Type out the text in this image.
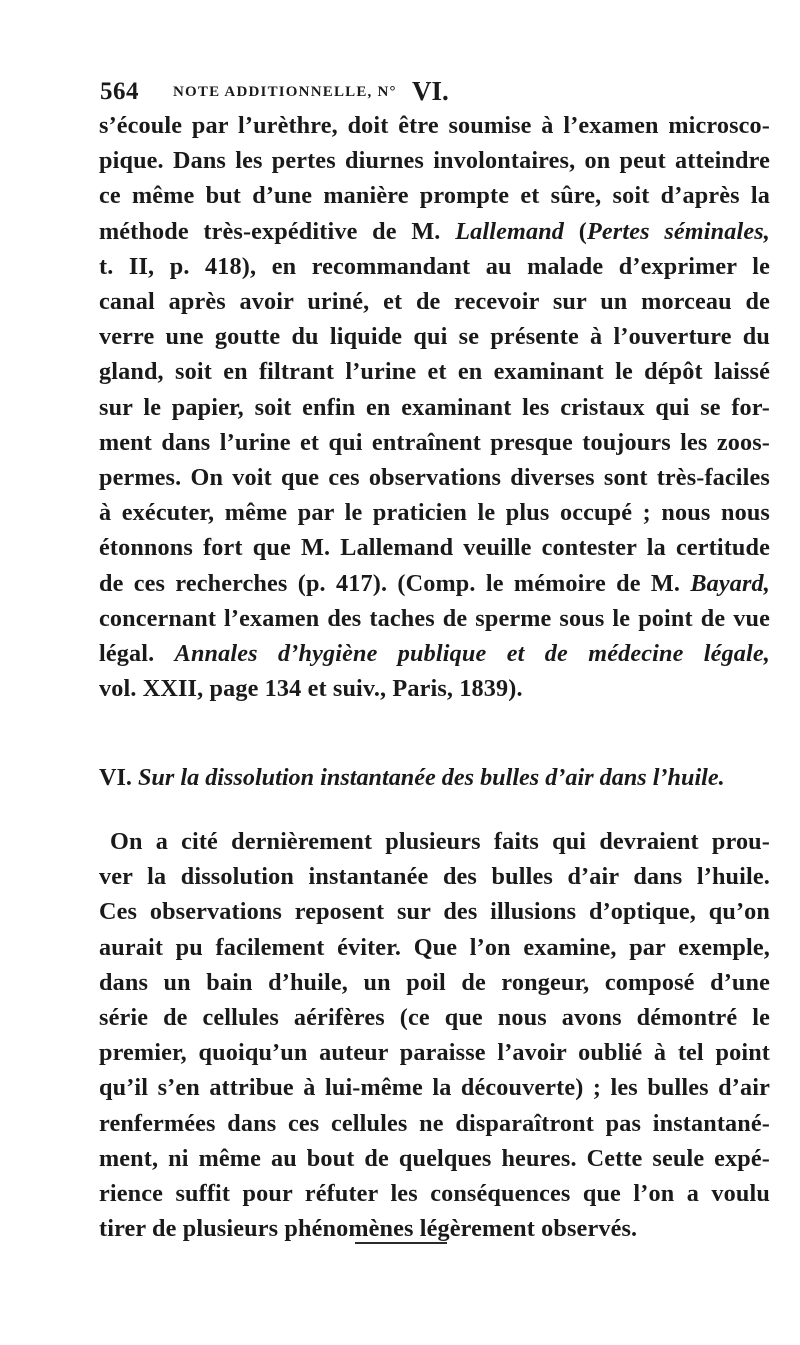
564 NOTE ADDITIONNELLE, N° VI.
s’écoule par l’urèthre, doit être soumise à l’examen microsco-
pique. Dans les pertes diurnes involontaires, on peut atteindre
ce même but d’une manière prompte et sûre, soit d’après la
méthode très-expéditive de M. Lallemand (Pertes séminales,
t. II, p. 418), en recommandant au malade d’exprimer le
canal après avoir uriné, et de recevoir sur un morceau de
verre une goutte du liquide qui se présente à l’ouverture du
gland, soit en filtrant l’urine et en examinant le dépôt laissé
sur le papier, soit enfin en examinant les cristaux qui se for-
ment dans l’urine et qui entraînent presque toujours les zoos-
permes. On voit que ces observations diverses sont très-faciles
à exécuter, même par le praticien le plus occupé ; nous nous
étonnons fort que M. Lallemand veuille contester la certitude
de ces recherches (p. 417). (Comp. le mémoire de M. Bayard,
concernant l’examen des taches de sperme sous le point de vue
légal. Annales d’hygiène publique et de médecine légale,
vol. XXII, page 134 et suiv., Paris, 1839).
VI. Sur la dissolution instantanée des bulles d’air dans l’huile.
On a cité dernièrement plusieurs faits qui devraient prou-
ver la dissolution instantanée des bulles d’air dans l’huile.
Ces observations reposent sur des illusions d’optique, qu’on
aurait pu facilement éviter. Que l’on examine, par exemple,
dans un bain d’huile, un poil de rongeur, composé d’une
série de cellules aérifères (ce que nous avons démontré le
premier, quoiqu’un auteur paraisse l’avoir oublié à tel point
qu’il s’en attribue à lui-même la découverte) ; les bulles d’air
renfermées dans ces cellules ne disparaîtront pas instantané-
ment, ni même au bout de quelques heures. Cette seule expé-
rience suffit pour réfuter les conséquences que l’on a voulu
tirer de plusieurs phénomènes légèrement observés.
